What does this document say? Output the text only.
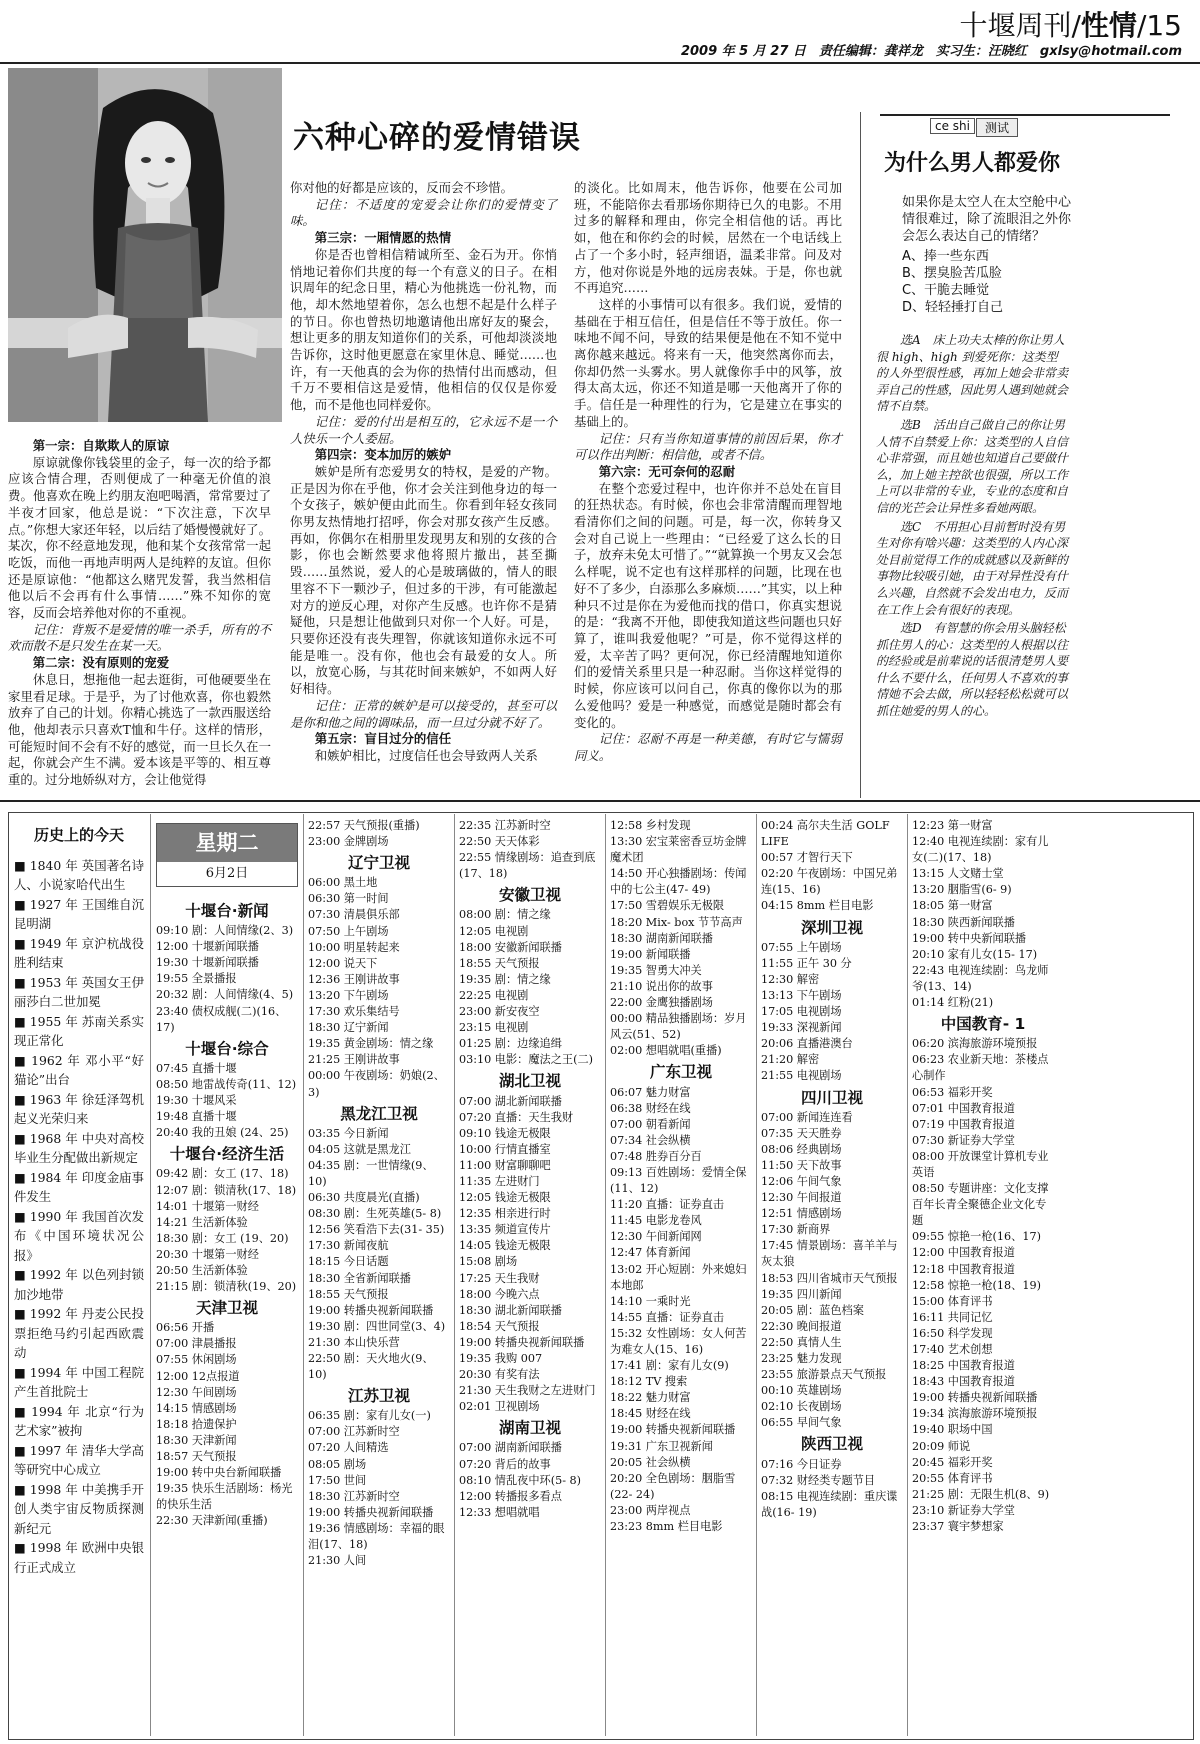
十堰周刊/性情/15
2009 年 5 月 27 日　责任编辑：龚祥龙　实习生：汪晓红　gxlsy@hotmail.com
六种心碎的爱情错误

第一宗：自欺欺人的原谅

原谅就像你钱袋里的金子，每一次的给予都应该合情合理，否则便成了一种毫无价值的浪费。他喜欢在晚上约朋友泡吧喝酒，常常要过了半夜才回家，他总是说：“下次注意，下次早点。”你想大家还年轻，以后结了婚慢慢就好了。某次，你不经意地发现，他和某个女孩常常一起吃饭，而他一再地声明两人是纯粹的友谊。但你还是原谅他：“他都这么赌咒发誓，我当然相信他以后不会再有什么事情……”殊不知你的宽容，反而会培养他对你的不重视。

记住：背叛不是爱情的唯一杀手，所有的不欢而散不是只发生在某一天。

第二宗：没有原则的宠爱

休息日，想拖他一起去逛街，可他硬要坐在家里看足球。于是乎，为了讨他欢喜，你也毅然放弃了自己的计划。你精心挑选了一款西服送给他，他却表示只喜欢T恤和牛仔。这样的情形，可能短时间不会有不好的感觉，而一旦长久在一起，你就会产生不满。爱本该是平等的、相互尊重的。过分地娇纵对方，会让他觉得

你对他的好都是应该的，反而会不珍惜。

记住：不适度的宠爱会让你们的爱情变了味。

第三宗：一厢情愿的热情

你是否也曾相信精诚所至、金石为开。你悄悄地记着你们共度的每一个有意义的日子。在相识周年的纪念日里，精心为他挑选一份礼物，而他，却木然地望着你，怎么也想不起是什么样子的节日。你也曾热切地邀请他出席好友的聚会，想让更多的朋友知道你们的关系，可他却淡淡地告诉你，这时他更愿意在家里休息、睡觉……也许，有一天他真的会为你的热情付出而感动，但千万不要相信这是爱情，他相信的仅仅是你爱他，而不是他也同样爱你。

记住：爱的付出是相互的，它永远不是一个人快乐一个人委屈。

第四宗：变本加厉的嫉妒

嫉妒是所有恋爱男女的特权，是爱的产物。正是因为你在乎他，你才会关注到他身边的每一个女孩子，嫉妒便由此而生。你看到年轻女孩同你男友热情地打招呼，你会对那女孩产生反感。再如，你偶尔在相册里发现男友和别的女孩的合影，你也会断然要求他将照片撤出，甚至撕毁……虽然说，爱人的心是玻璃做的，情人的眼里容不下一颗沙子，但过多的干涉，有可能激起对方的逆反心理，对你产生反感。也许你不是猜疑他，只是想让他做到只对你一个人好。可是，只要你还没有丧失理智，你就该知道你永远不可能是唯一。没有你，他也会有最爱的女人。所以，放宽心肠，与其花时间来嫉妒，不如两人好好相待。

记住：正常的嫉妒是可以接受的，甚至可以是你和他之间的调味品，而一旦过分就不好了。

第五宗：盲目过分的信任

和嫉妒相比，过度信任也会导致两人关系

的淡化。比如周末，他告诉你，他要在公司加班，不能陪你去看那场你期待已久的电影。不用过多的解释和理由，你完全相信他的话。再比如，他在和你约会的时候，居然在一个电话线上占了一个多小时，轻声细语，温柔非常。问及对方，他对你说是外地的远房表妹。于是，你也就不再追究……

这样的小事情可以有很多。我们说，爱情的基础在于相互信任，但是信任不等于放任。你一味地不闻不问，导致的结果便是他在不知不觉中离你越来越远。将来有一天，他突然离你而去，你却仍然一头雾水。男人就像你手中的风筝，放得太高太远，你还不知道是哪一天他离开了你的手。信任是一种理性的行为，它是建立在事实的基础上的。

记住：只有当你知道事情的前因后果，你才可以作出判断：相信他，或者不信。

第六宗：无可奈何的忍耐

在整个恋爱过程中，也许你并不总处在盲目的狂热状态。有时候，你也会非常清醒而理智地看清你们之间的问题。可是，每一次，你转身又会对自己说上一些理由：“已经爱了这么长的日子，放弃未免太可惜了。”“就算换一个男友又会怎么样呢，说不定也有这样那样的问题，比现在也好不了多少，白添那么多麻烦……”其实，以上种种只不过是你在为爱他而找的借口，你真实想说的是：“我离不开他，即使我知道这些问题也只好算了，谁叫我爱他呢？”可是，你不觉得这样的爱，太辛苦了吗？更何况，你已经清醒地知道你们的爱情关系里只是一种忍耐。当你这样觉得的时候，你应该可以问自己，你真的像你以为的那么爱他吗？爱是一种感觉，而感觉是随时都会有变化的。

记住：忍耐不再是一种美德，有时它与懦弱同义。

ce shi	测试
为什么男人都爱你
如果你是太空人在太空舱中心情很难过，除了流眼泪之外你会怎么表达自己的情绪？
A、捧一些东西
B、摆臭脸苦瓜脸
C、干脆去睡觉
D、轻轻捶打自己

选A　床上功夫太棒的你让男人很 high、high 到爱死你：这类型的人外型很性感，再加上她会非常卖弄自己的性感，因此男人遇到她就会情不自禁。

选B　活出自己做自己的你让男人情不自禁爱上你：这类型的人自信心非常强，而且她也知道自己要做什么，加上她主控欲也很强，所以工作上可以非常的专业，专业的态度和自信的光芒会让异性多看她两眼。

选C　不用担心目前暂时没有男生对你有啥兴趣：这类型的人内心深处目前觉得工作的成就感以及新鲜的事物比较吸引她，由于对异性没有什么兴趣，自然就不会发出电力，反而在工作上会有很好的表现。

选D　有智慧的你会用头脑轻松抓住男人的心：这类型的人根据以往的经验或是前辈说的话很清楚男人要什么不要什么，任何男人不喜欢的事情她不会去做，所以轻轻松松就可以抓住她爱的男人的心。

历史上的今天

■ 1840 年 英国著名诗人、小说家哈代出生

■ 1927 年 王国维自沉昆明湖

■ 1949 年 京沪杭战役胜利结束

■ 1953 年 英国女王伊丽莎白二世加冕

■ 1955 年 苏南关系实现正常化

■ 1962 年 邓小平“好猫论”出台

■ 1963 年 徐廷泽驾机起义光荣归来

■ 1968 年 中央对高校毕业生分配做出新规定

■ 1984 年 印度金庙事件发生

■ 1990 年 我国首次发布《中国环境状况公报》

■ 1992 年 以色列封锁加沙地带

■ 1992 年 丹麦公民投票拒绝马约引起西欧震动

■ 1994 年 中国工程院产生首批院士

■ 1994 年 北京“行为艺术家”被拘

■ 1997 年 清华大学高等研究中心成立

■ 1998 年 中美携手开创人类宇宙反物质探测新纪元

■ 1998 年 欧洲中央银行正式成立

星期二
6月2日
十堰台·新闻
09:10 剧：人间情缘(2、3)
12:00 十堰新闻联播
19:30 十堰新闻联播
19:55 全景播报
20:32 剧：人间情缘(4、5)
23:40 债权成舰(二)(16、17)
十堰台·综合
07:45 直播十堰
08:50 地雷战传奇(11、12)
19:30 十堰风采
19:48 直播十堰
20:40 我的丑娘 (24、25)
十堰台·经济生活
09:42 剧：女工 (17、18)
12:07 剧：锁清秋(17、18)
14:01 十堰第一财经
14:21 生活新体验
18:30 剧：女工 (19、20)
20:30 十堰第一财经
20:50 生活新体验
21:15 剧：锁清秋(19、20)
天津卫视
06:56 开播
07:00 津晨播报
07:55 休闲剧场
12:00 12点报道
12:30 午间剧场
14:15 情感剧场
18:18 拾遗保护
18:30 天津新闻
18:57 天气预报
19:00 转中央台新闻联播
19:35 快乐生活剧场：杨光的快乐生活
22:30 天津新闻(重播)
22:57 天气预报(重播)
23:00 金牌剧场
辽宁卫视
06:00 黑土地
06:30 第一时间
07:30 清晨俱乐部
07:50 上午剧场
10:00 明星转起来
12:00 说天下
12:36 王刚讲故事
13:20 下午剧场
17:30 欢乐集结号
18:30 辽宁新闻
19:35 黄金剧场：情之缘
21:25 王刚讲故事
00:00 午夜剧场：奶娘(2、3)
黑龙江卫视
03:35 今日新闻
04:05 这就是黑龙江
04:35 剧：一世情缘(9、10)
06:30 共度晨光(直播)
08:30 剧：生死英雄(5- 8)
12:56 笑看浩下去(31- 35)
17:30 新闻夜航
18:15 今日话题
18:30 全省新闻联播
18:55 天气预报
19:00 转播央视新闻联播
19:30 剧：四世同堂(3、4)
21:30 本山快乐营
22:50 剧：天火地火(9、10)
江苏卫视
06:35 剧：家有儿女(一)
07:00 江苏新时空
07:20 人间精选
08:05 剧场
17:50 世间
18:30 江苏新时空
19:00 转播央视新闻联播
19:36 情感剧场：幸福的眼泪(17、18)
21:30 人间
22:35 江苏新时空
22:50 天天体彩
22:55 情缘剧场：追查到底(17、18)
安徽卫视
08:00 剧：情之缘
12:05 电视剧
18:00 安徽新闻联播
18:55 天气预报
19:35 剧：情之缘
22:25 电视剧
23:00 新安夜空
23:15 电视剧
01:25 剧：边缘追缉
03:10 电影：魔法之王(二)
湖北卫视
07:00 湖北新闻联播
07:20 直播：天生我财
09:10 钱途无极限
10:00 行情直播室
11:00 财富聊聊吧
11:35 左进财门
12:05 钱途无极限
12:35 相亲进行时
13:35 频道宣传片
14:05 钱途无极限
15:08 剧场
17:25 天生我财
18:00 今晚六点
18:30 湖北新闻联播
18:54 天气预报
19:00 转播央视新闻联播
19:35 我购 007
20:30 有奖有法
21:30 天生我财之左进财门
02:01 卫视剧场
湖南卫视
07:00 湖南新闻联播
07:20 背后的故事
08:10 情乱夜中环(5- 8)
12:00 转播报多看点
12:33 想唱就唱
12:58 乡村发现
13:30 宏宝莱密香豆坊金牌魔术团
14:50 开心独播剧场：传闻中的七公主(47- 49)
17:50 雪碧娱乐无极限
18:20 Mix- box 节节高声
18:30 湖南新闻联播
19:00 新闻联播
19:35 智勇大冲关
21:10 说出你的故事
22:00 金鹰独播剧场
00:00 精品独播剧场：岁月风云(51、52)
02:00 想唱就唱(重播)
广东卫视
06:07 魅力财富
06:38 财经在线
07:00 朝看新闻
07:34 社会纵横
07:48 胜券百分百
09:13 百姓剧场：爱情全保(11、12)
11:20 直播：证券直击
11:45 电影龙卷风
12:30 午间新闻网
12:47 体育新闻
13:02 开心短剧：外来媳妇本地郎
14:10 一乘时光
14:55 直播：证券直击
15:32 女性剧场：女人何苦为难女人(15、16)
17:41 剧：家有儿女(9)
18:12 TV 搜索
18:22 魅力财富
18:45 财经在线
19:00 转播央视新闻联播
19:31 广东卫视新闻
20:05 社会纵横
20:20 全色剧场：胭脂雪(22- 24)
23:00 两岸视点
23:23 8mm 栏目电影
00:24 高尔夫生活 GOLF LIFE
00:57 才智行天下
02:20 午夜剧场：中国兄弟连(15、16)
04:15 8mm 栏目电影
深圳卫视
07:55 上午剧场
11:55 正午 30 分
12:30 解密
13:13 下午剧场
17:05 电视剧场
19:33 深视新闻
20:06 直播港澳台
21:20 解密
21:55 电视剧场
四川卫视
07:00 新闻连连看
07:35 天天胜券
08:06 经典剧场
11:50 天下故事
12:06 午间气象
12:30 午间报道
12:51 情感剧场
17:30 新商界
17:45 情景剧场：喜羊羊与灰太狼
18:53 四川省城市天气预报
19:35 四川新闻
20:05 剧：蓝色档案
22:30 晚间报道
22:50 真情人生
23:25 魅力发现
23:55 旅游景点天气预报
00:10 英雄剧场
02:10 长夜剧场
06:55 早间气象
陕西卫视
07:16 今日证券
07:32 财经类专题节目
08:15 电视连续剧：重庆谍战(16- 19)
12:23 第一财富
12:40 电视连续剧：家有儿女(二)(17、18)
13:15 人文赌士堂
13:20 胭脂雪(6- 9)
18:05 第一财富
18:30 陕西新闻联播
19:00 转中央新闻联播
20:10 家有儿女(15- 17)
22:43 电视连续剧：鸟龙师爷(13、14)
01:14 红粉(21)
中国教育- 1
06:20 滨海旅游环境预报
06:23 农业新天地：茶楼点心制作
06:53 福彩开奖
07:01 中国教育报道
07:19 中国教育报道
07:30 新证券大学堂
08:00 开放课堂计算机专业英语
08:50 专题讲座：文化支撑百年长青全聚德企业文化专题
09:55 惊艳一枪(16、17)
12:00 中国教育报道
12:18 中国教育报道
12:58 惊艳一枪(18、19)
15:00 体育评书
16:11 共同记忆
16:50 科学发现
17:40 艺术创想
18:25 中国教育报道
18:43 中国教育报道
19:00 转播央视新闻联播
19:34 滨海旅游环境预报
19:40 职场中国
20:09 师说
20:45 福彩开奖
20:55 体育评书
21:25 剧：无限生机(8、9)
23:10 新证券大学堂
23:37 寰宇梦想家
